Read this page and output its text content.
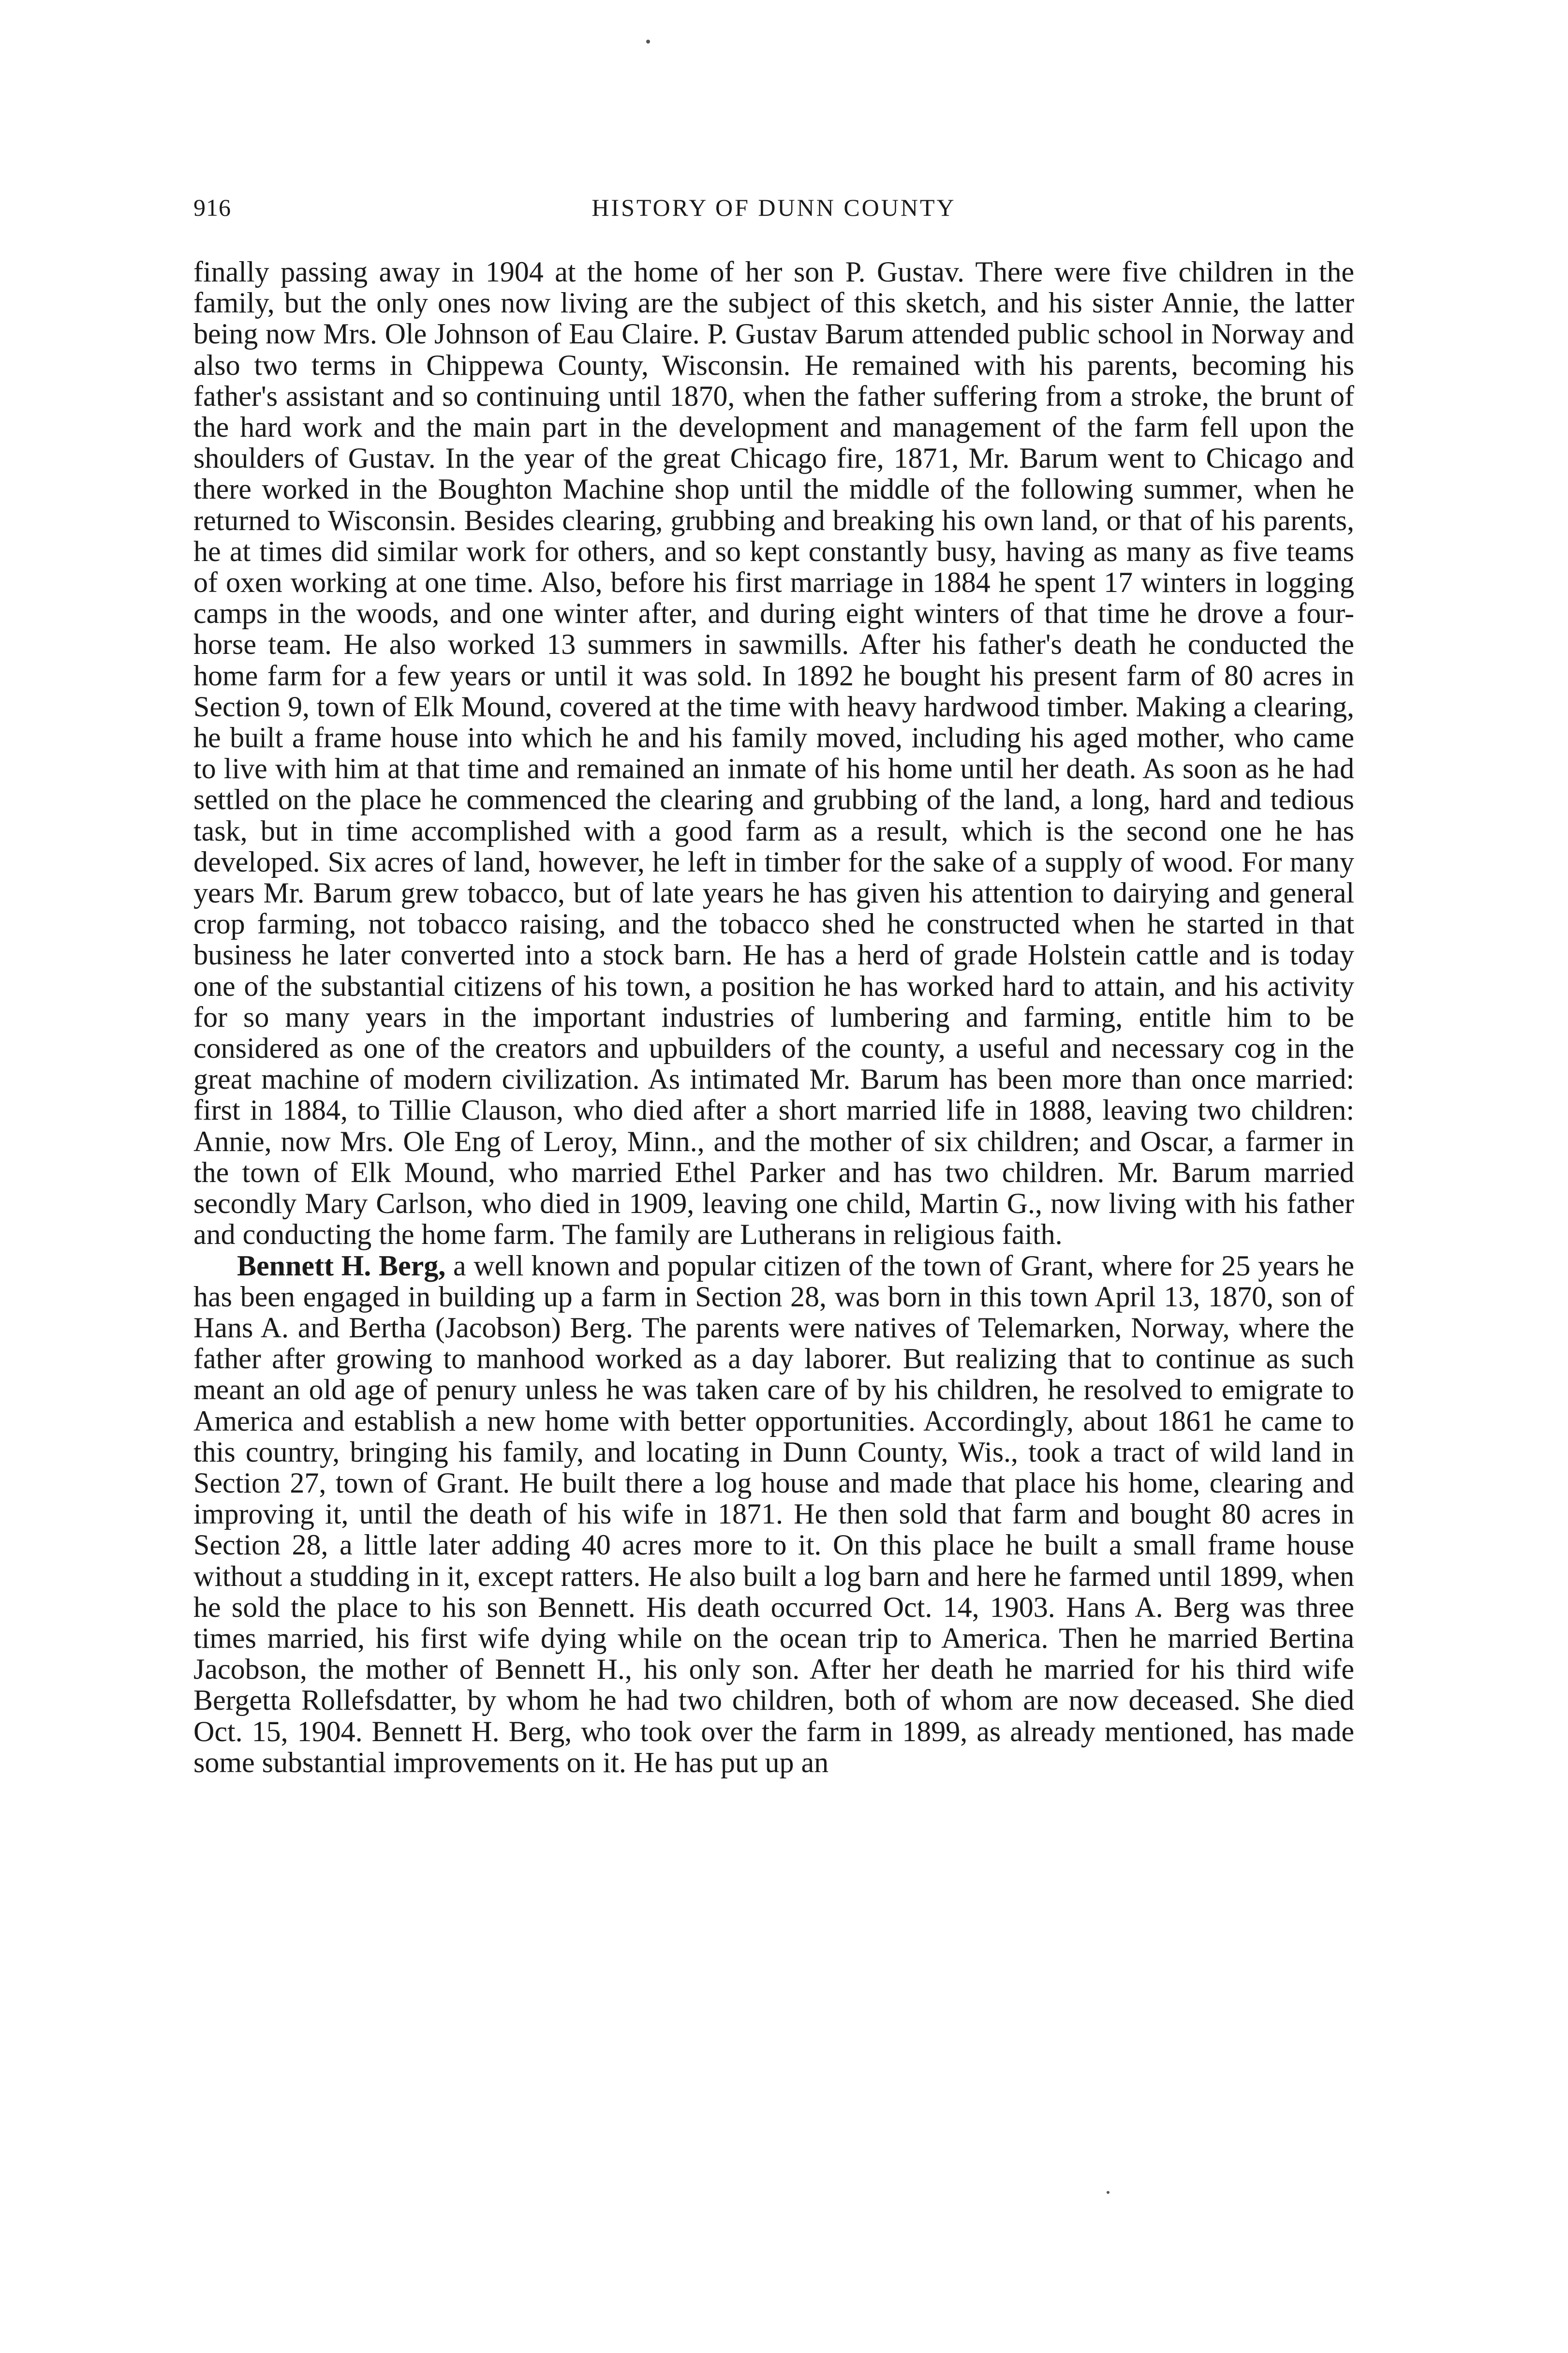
916	HISTORY OF DUNN COUNTY

finally passing away in 1904 at the home of her son P. Gustav. There were five children in the family, but the only ones now living are the subject of this sketch, and his sister Annie, the latter being now Mrs. Ole Johnson of Eau Claire. P. Gustav Barum attended public school in Norway and also two terms in Chippewa County, Wisconsin. He remained with his parents, becoming his father's assistant and so continuing until 1870, when the father suffering from a stroke, the brunt of the hard work and the main part in the development and management of the farm fell upon the shoulders of Gustav. In the year of the great Chicago fire, 1871, Mr. Barum went to Chicago and there worked in the Boughton Machine shop until the middle of the following summer, when he returned to Wisconsin. Besides clearing, grubbing and breaking his own land, or that of his parents, he at times did similar work for others, and so kept constantly busy, having as many as five teams of oxen working at one time. Also, before his first marriage in 1884 he spent 17 winters in logging camps in the woods, and one winter after, and during eight winters of that time he drove a four-horse team. He also worked 13 summers in sawmills. After his father's death he conducted the home farm for a few years or until it was sold. In 1892 he bought his present farm of 80 acres in Section 9, town of Elk Mound, covered at the time with heavy hardwood timber. Making a clearing, he built a frame house into which he and his family moved, including his aged mother, who came to live with him at that time and remained an inmate of his home until her death. As soon as he had settled on the place he commenced the clearing and grubbing of the land, a long, hard and tedious task, but in time accomplished with a good farm as a result, which is the second one he has developed. Six acres of land, however, he left in timber for the sake of a supply of wood. For many years Mr. Barum grew tobacco, but of late years he has given his attention to dairying and general crop farming, not tobacco raising, and the tobacco shed he constructed when he started in that business he later converted into a stock barn. He has a herd of grade Holstein cattle and is today one of the substantial citizens of his town, a position he has worked hard to attain, and his activity for so many years in the important industries of lumbering and farming, entitle him to be considered as one of the creators and upbuilders of the county, a useful and necessary cog in the great machine of modern civilization. As intimated Mr. Barum has been more than once married: first in 1884, to Tillie Clauson, who died after a short married life in 1888, leaving two children: Annie, now Mrs. Ole Eng of Leroy, Minn., and the mother of six children; and Oscar, a farmer in the town of Elk Mound, who married Ethel Parker and has two children. Mr. Barum married secondly Mary Carlson, who died in 1909, leaving one child, Martin G., now living with his father and conducting the home farm. The family are Lutherans in religious faith.

Bennett H. Berg, a well known and popular citizen of the town of Grant, where for 25 years he has been engaged in building up a farm in Section 28, was born in this town April 13, 1870, son of Hans A. and Bertha (Jacobson) Berg. The parents were natives of Telemarken, Norway, where the father after growing to manhood worked as a day laborer. But realizing that to continue as such meant an old age of penury unless he was taken care of by his children, he resolved to emigrate to America and establish a new home with better opportunities. Accordingly, about 1861 he came to this country, bringing his family, and locating in Dunn County, Wis., took a tract of wild land in Section 27, town of Grant. He built there a log house and made that place his home, clearing and improving it, until the death of his wife in 1871. He then sold that farm and bought 80 acres in Section 28, a little later adding 40 acres more to it. On this place he built a small frame house without a studding in it, except ratters. He also built a log barn and here he farmed until 1899, when he sold the place to his son Bennett. His death occurred Oct. 14, 1903. Hans A. Berg was three times married, his first wife dying while on the ocean trip to America. Then he married Bertina Jacobson, the mother of Bennett H., his only son. After her death he married for his third wife Bergetta Rollefsdatter, by whom he had two children, both of whom are now deceased. She died Oct. 15, 1904. Bennett H. Berg, who took over the farm in 1899, as already mentioned, has made some substantial improvements on it. He has put up an
